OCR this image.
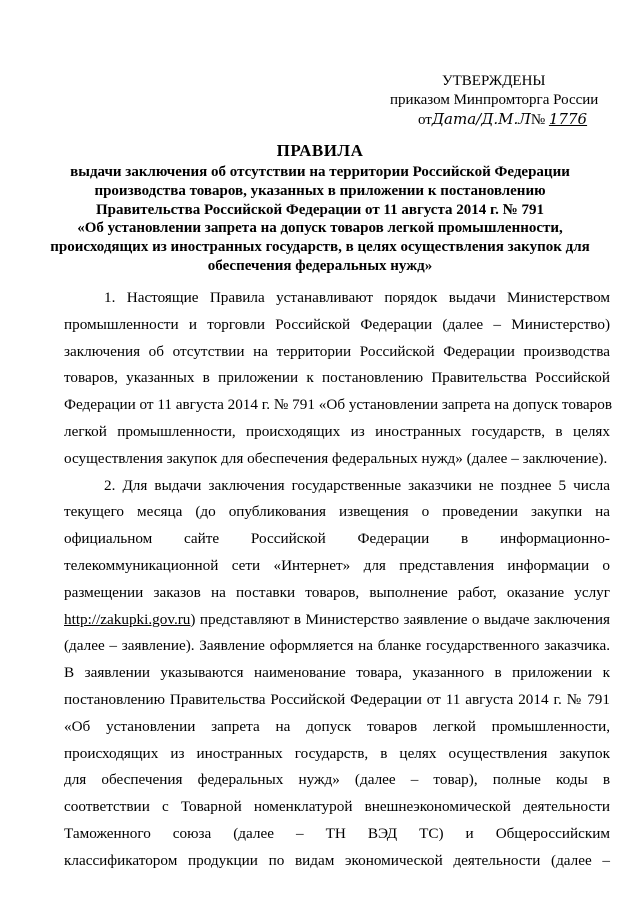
УТВЕРЖДЕНЫ
приказом Минпромторга России
отДата/Д.М.Л№ 1776
ПРАВИЛА
выдачи заключения об отсутствии на территории Российской Федерации
производства товаров, указанных в приложении к постановлению
Правительства Российской Федерации от 11 августа 2014 г. № 791
«Об установлении запрета на допуск товаров легкой промышленности,
происходящих из иностранных государств, в целях осуществления закупок для
обеспечения федеральных нужд»
1. Настоящие Правила устанавливают порядок выдачи Министерством
промышленности и торговли Российской Федерации (далее – Министерство)
заключения об отсутствии на территории Российской Федерации производства
товаров, указанных в приложении к постановлению Правительства Российской
Федерации от 11 августа 2014 г. № 791 «Об установлении запрета на допуск товаров
легкой промышленности, происходящих из иностранных государств, в целях
осуществления закупок для обеспечения федеральных нужд» (далее – заключение).
2. Для выдачи заключения государственные заказчики не позднее 5 числа
текущего месяца (до опубликования извещения о проведении закупки на
официальном сайте Российской Федерации в информационно-
телекоммуникационной сети «Интернет» для представления информации о
размещении заказов на поставки товаров, выполнение работ, оказание услуг
http://zakupki.gov.ru) представляют в Министерство заявление о выдаче заключения
(далее – заявление). Заявление оформляется на бланке государственного заказчика.
В заявлении указываются наименование товара, указанного в приложении к
постановлению Правительства Российской Федерации от 11 августа 2014 г. № 791
«Об установлении запрета на допуск товаров легкой промышленности,
происходящих из иностранных государств, в целях осуществления закупок
для обеспечения федеральных нужд» (далее – товар), полные коды в
соответствии с Товарной номенклатурой внешнеэкономической деятельности
Таможенного союза (далее – ТН ВЭД ТС) и Общероссийским
классификатором продукции по видам экономической деятельности (далее –
